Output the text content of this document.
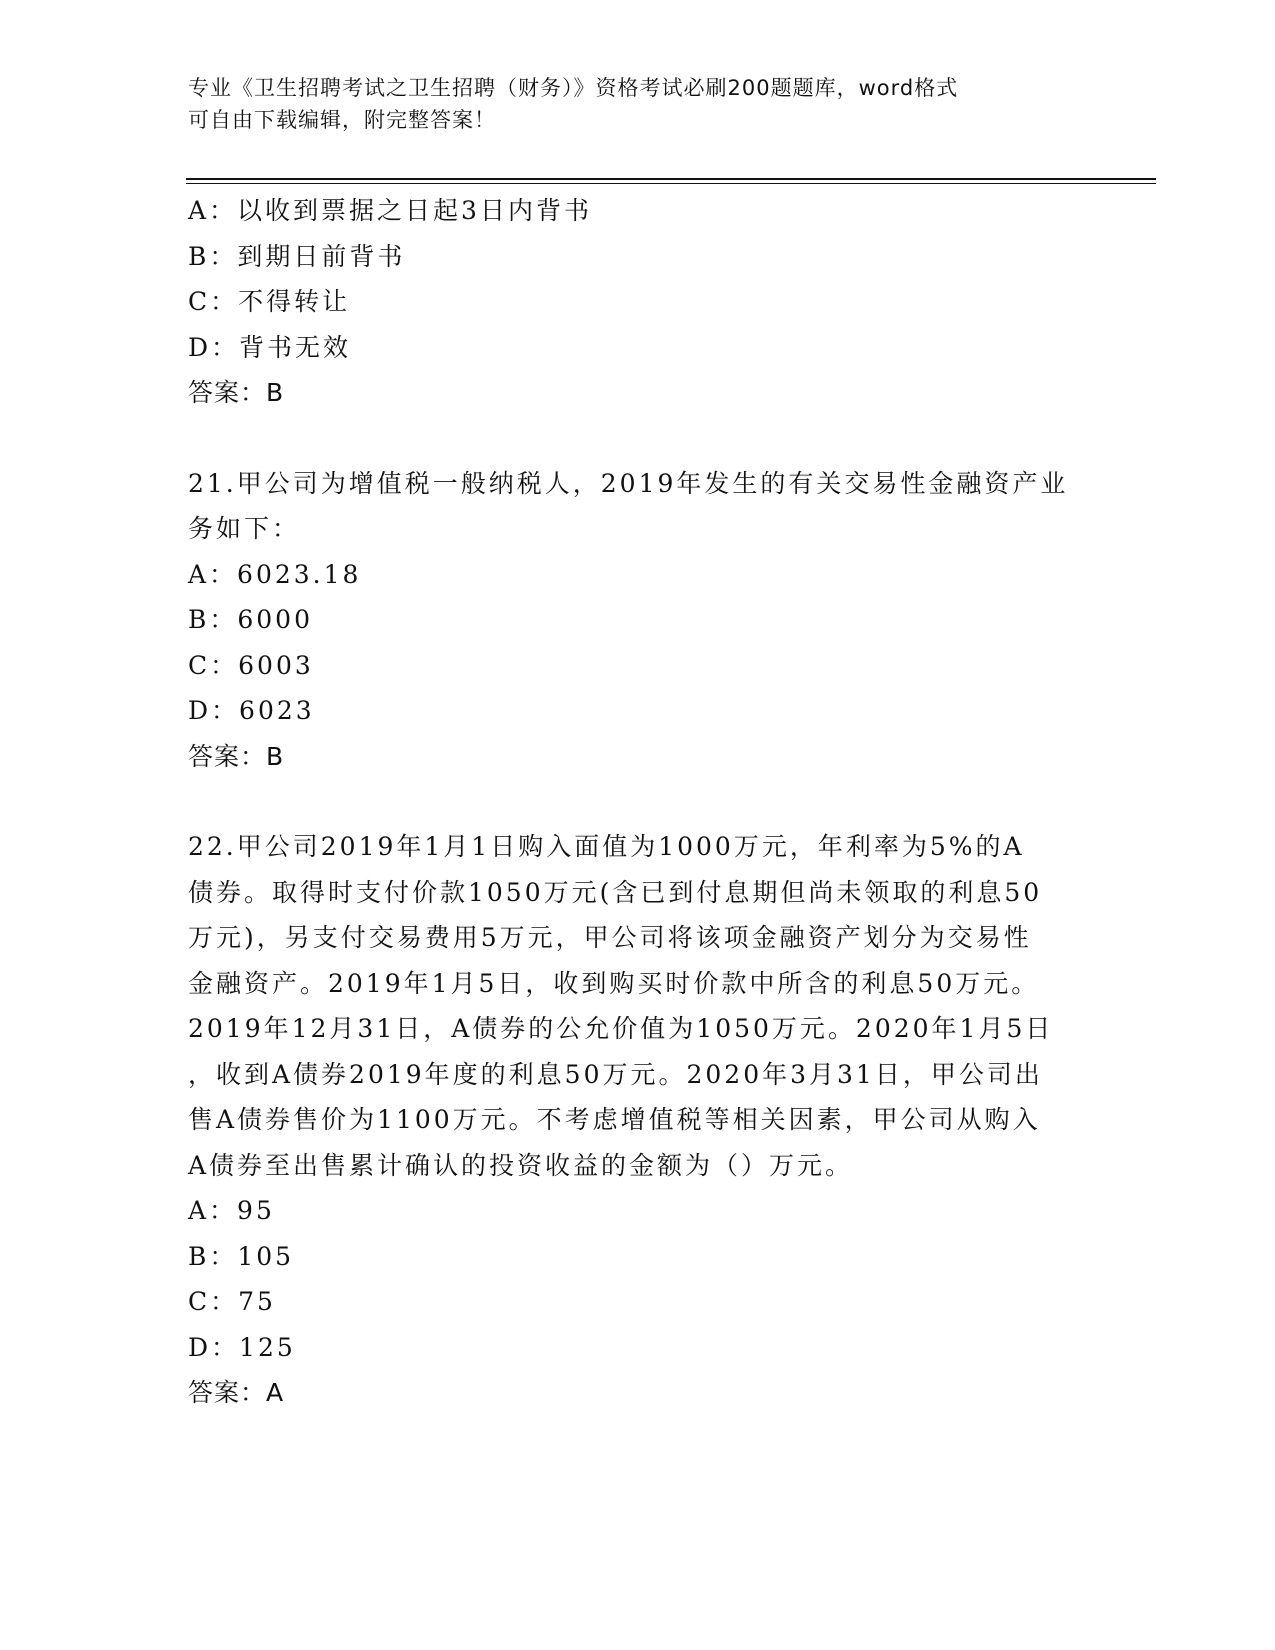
专业《卫生招聘考试之卫生招聘（财务）》资格考试必刷200题题库，word格式
可自由下载编辑，附完整答案！
A：以收到票据之日起3日内背书
B：到期日前背书
C：不得转让
D：背书无效
答案：B
21.甲公司为增值税一般纳税人，2019年发生的有关交易性金融资产业
务如下：
A：6023.18
B：6000
C：6003
D：6023
答案：B
22.甲公司2019年1月1日购入面值为1000万元，年利率为5%的A
债券。取得时支付价款1050万元(含已到付息期但尚未领取的利息50
万元)，另支付交易费用5万元，甲公司将该项金融资产划分为交易性
金融资产。2019年1月5日，收到购买时价款中所含的利息50万元。
2019年12月31日，A债券的公允价值为1050万元。2020年1月5日
，收到A债券2019年度的利息50万元。2020年3月31日，甲公司出
售A债券售价为1100万元。不考虑增值税等相关因素，甲公司从购入
A债券至出售累计确认的投资收益的金额为（）万元。
A：95
B：105
C：75
D：125
答案：A
